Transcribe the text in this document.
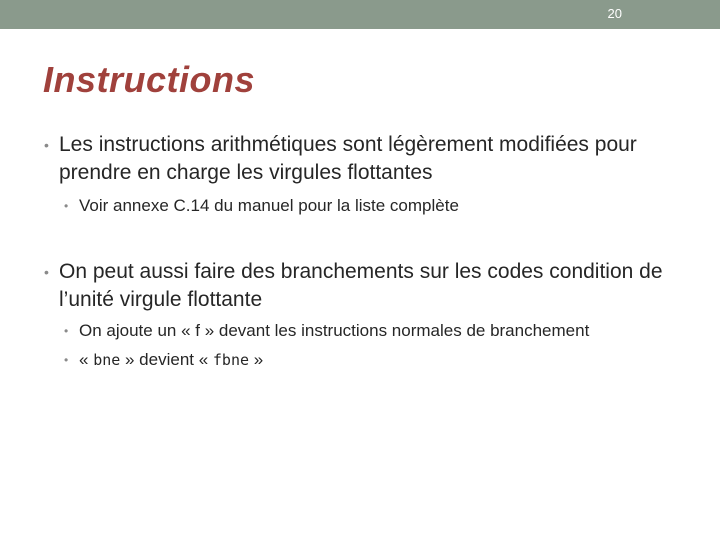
20
Instructions
• Les instructions arithmétiques sont légèrement modifiées pour prendre en charge les virgules flottantes
• Voir annexe C.14 du manuel pour la liste complète
• On peut aussi faire des branchements sur les codes condition de l’unité virgule flottante
• On ajoute un « f » devant les instructions normales de branchement
• « bne » devient « fbne »
